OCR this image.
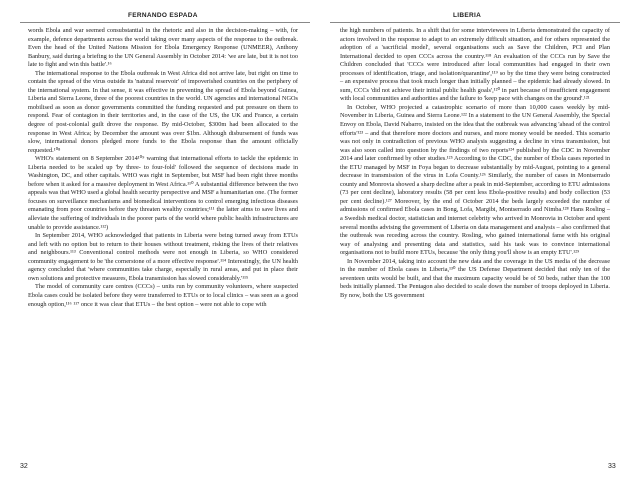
FERNANDO ESPADA	LIBERIA

words Ebola and war seemed consubstantial in the rhetoric and also in the decision-making – with, for example, defence departments across the world taking over many aspects of the response to the outbreak. Even the head of the United Nations Mission for Ebola Emergency Response (UNMEER), Anthony Banbury, said during a briefing to the UN General Assembly in October 2014: 'we are late, but it is not too late to fight and win this battle'.¹⁶

The international response to the Ebola outbreak in West Africa did not arrive late, but right on time to contain the spread of the virus outside its 'natural reservoir' of impoverished countries on the periphery of the international system. In that sense, it was effective in preventing the spread of Ebola beyond Guinea, Liberia and Sierra Leone, three of the poorest countries in the world. UN agencies and international NGOs mobilised as soon as donor governments committed the funding requested and put pressure on them to respond. Fear of contagion in their territories and, in the case of the US, the UK and France, a certain degree of post-colonial guilt drove the response. By mid-October, $300m had been allocated to the response in West Africa; by December the amount was over $1bn. Although disbursement of funds was slow, international donors pledged more funds to the Ebola response than the amount officially requested.¹⁰⁸

WHO's statement on 8 September 2014¹⁰⁹ warning that international efforts to tackle the epidemic in Liberia needed to be scaled up 'by three- to four-fold' followed the sequence of decisions made in Washington, DC, and other capitals. WHO was right in September, but MSF had been right three months before when it asked for a massive deployment in West Africa.¹¹⁰ A substantial difference between the two appeals was that WHO used a global health security perspective and MSF a humanitarian one. (The former focuses on surveillance mechanisms and biomedical interventions to control emerging infectious diseases emanating from poor countries before they threaten wealthy countries;¹¹¹ the latter aims to save lives and alleviate the suffering of individuals in the poorer parts of the world where public health infrastructures are unable to provide assistance.¹¹²)

In September 2014, WHO acknowledged that patients in Liberia were being turned away from ETUs and left with no option but to return to their houses without treatment, risking the lives of their relatives and neighbours.¹¹³ Conventional control methods were not enough in Liberia, so WHO considered community engagement to be 'the cornerstone of a more effective response'.¹¹⁴ Interestingly, the UN health agency concluded that 'where communities take charge, especially in rural areas, and put in place their own solutions and protective measures, Ebola transmission has slowed considerably.'¹¹⁵

The model of community care centres (CCCs) – units run by community volunteers, where suspected Ebola cases could be isolated before they were transferred to ETUs or to local clinics – was seen as a good enough option,¹¹⁶ ¹¹⁷ once it was clear that ETUs – the best option – were not able to cope with

the high numbers of patients. In a shift that for some interviewees in Liberia demonstrated the capacity of actors involved in the response to adapt to an extremely difficult situation, and for others represented the adoption of a 'sacrificial model', several organisations such as Save the Children, PCI and Plan International decided to open CCCs across the country.¹¹⁸ An evaluation of the CCCs run by Save the Children concluded that 'CCCs were introduced after local communities had engaged in their own processes of identification, triage, and isolation/quarantine',¹¹⁹ so by the time they were being constructed – an expensive process that took much longer than initially planned – the epidemic had already slowed. In sum, CCCs 'did not achieve their initial public health goals',¹²⁰ in part because of insufficient engagement with local communities and authorities and the failure to 'keep pace with changes on the ground'.¹²¹

In October, WHO projected a catastrophic scenario of more than 10,000 cases weekly by mid-November in Liberia, Guinea and Sierra Leone.¹²² In a statement to the UN General Assembly, the Special Envoy on Ebola, David Nabarro, insisted on the idea that the outbreak was advancing 'ahead of the control efforts'¹²³ – and that therefore more doctors and nurses, and more money would be needed. This scenario was not only in contradiction of previous WHO analysis suggesting a decline in virus transmission, but was also soon called into question by the findings of two reports¹²⁴ published by the CDC in November 2014 and later confirmed by other studies.¹²⁵ According to the CDC, the number of Ebola cases reported in the ETU managed by MSF in Foya began to decrease substantially by mid-August, pointing to a general decrease in transmission of the virus in Lofa County.¹²⁶ Similarly, the number of cases in Montserrado county and Monrovia showed a sharp decline after a peak in mid-September, according to ETU admissions (73 per cent decline), laboratory results (58 per cent less Ebola-positive results) and body collection (53 per cent decline).¹²⁷ Moreover, by the end of October 2014 the beds largely exceeded the number of admissions of confirmed Ebola cases in Bong, Lofa, Margibi, Montserrado and Nimba.¹²⁸ Hans Rosling – a Swedish medical doctor, statistician and internet celebrity who arrived in Monrovia in October and spent several months advising the government of Liberia on data management and analysis – also confirmed that the outbreak was receding across the country. Rosling, who gained international fame with his original way of analysing and presenting data and statistics, said his task was to convince international organisations not to build more ETUs, because 'the only thing you'll show is an empty ETU'.¹²⁹

In November 2014, taking into account the new data and the coverage in the US media of the decrease in the number of Ebola cases in Liberia,¹³⁰ the US Defense Department decided that only ten of the seventeen units would be built, and that the maximum capacity would be of 50 beds, rather than the 100 beds initially planned. The Pentagon also decided to scale down the number of troops deployed in Liberia. By now, both the US government

32	33
